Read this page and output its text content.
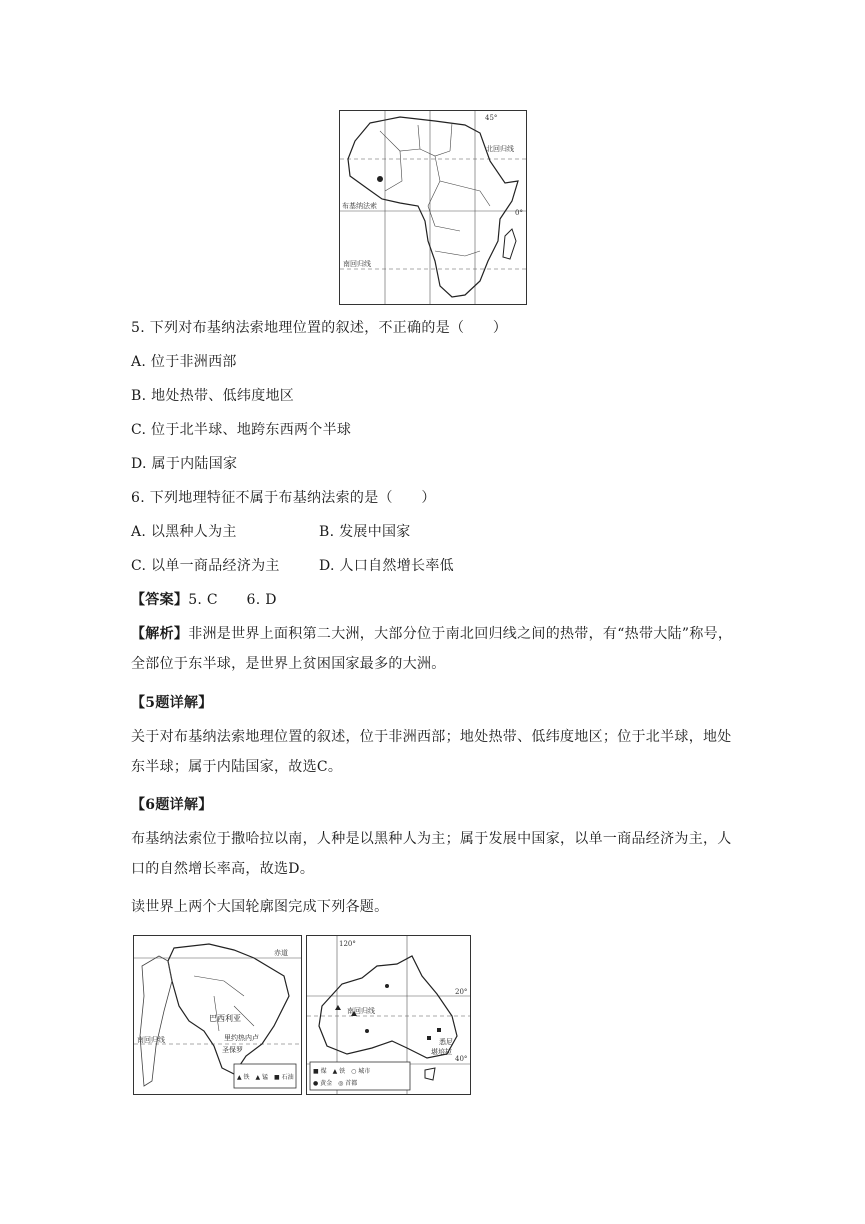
45°
北回归线
布基纳法索
0°
南回归线
5. 下列对布基纳法索地理位置的叙述，不正确的是（　　）
A. 位于非洲西部
B. 地处热带、低纬度地区
C. 位于北半球、地跨东西两个半球
D. 属于内陆国家
6. 下列地理特征不属于布基纳法索的是（　　）
A. 以黑种人为主	B. 发展中国家
C. 以单一商品经济为主	D. 人口自然增长率低
【答案】5. C　　6. D
【解析】非洲是世界上面积第二大洲，大部分位于南北回归线之间的热带，有“热带大陆”称号，全部位于东半球，是世界上贫困国家最多的大洲。
【5题详解】
关于对布基纳法索地理位置的叙述，位于非洲西部；地处热带、低纬度地区；位于北半球，地处东半球；属于内陆国家，故选C。
【6题详解】
布基纳法索位于撒哈拉以南，人种是以黑种人为主；属于发展中国家，以单一商品经济为主，人口的自然增长率高，故选D。
读世界上两个大国轮廓图完成下列各题。
赤道
巴西利亚
里约热内卢
圣保罗
南回归线
▲ 铁　▲ 锰　■ 石油
120°
20°
南回归线
悉尼
堪培拉
40°
■ 煤　▲ 铁　○ 城市
● 黄金　◎ 首都
